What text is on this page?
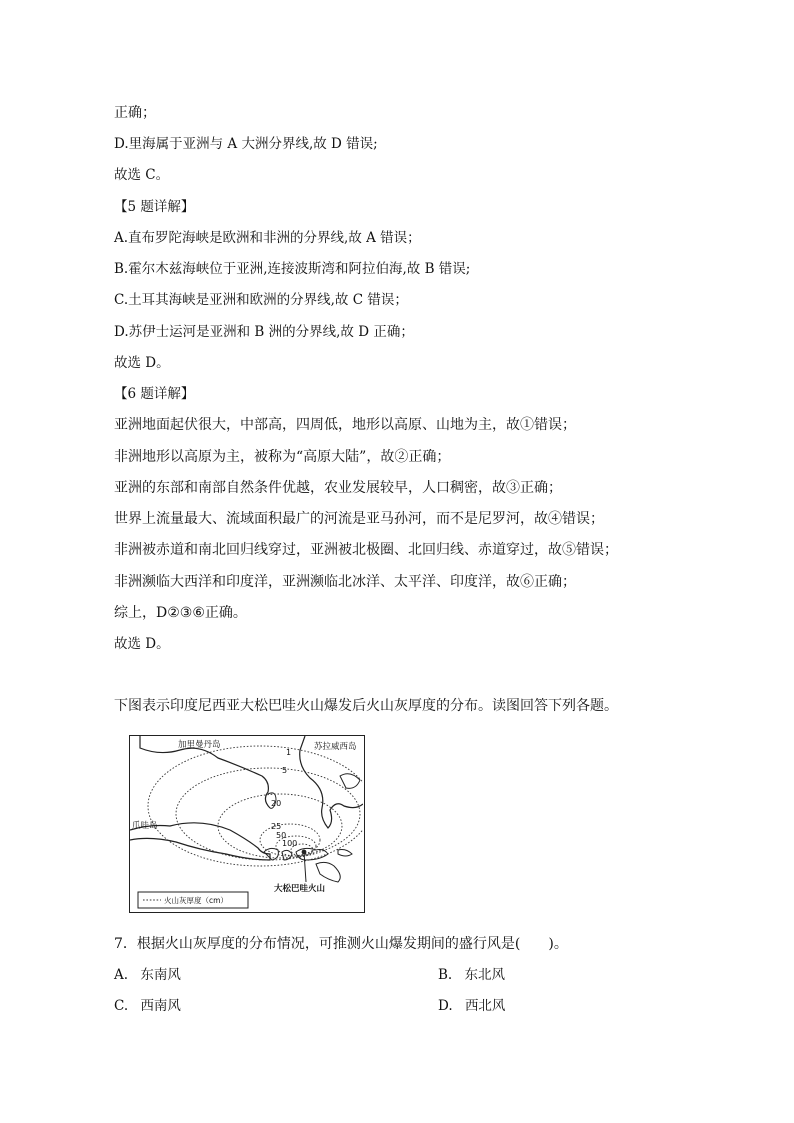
正确；
D.里海属于亚洲与 A 大洲分界线,故 D 错误;
故选 C。
【5 题详解】
A.直布罗陀海峡是欧洲和非洲的分界线,故 A 错误；
B.霍尔木兹海峡位于亚洲,连接波斯湾和阿拉伯海,故 B 错误;
C.土耳其海峡是亚洲和欧洲的分界线,故 C 错误；
D.苏伊士运河是亚洲和 B 洲的分界线,故 D 正确；
故选 D。
【6 题详解】
亚洲地面起伏很大，中部高，四周低，地形以高原、山地为主，故①错误；
非洲地形以高原为主，被称为“高原大陆”，故②正确；
亚洲的东部和南部自然条件优越，农业发展较早，人口稠密，故③正确；
世界上流量最大、流域面积最广的河流是亚马孙河，而不是尼罗河，故④错误；
非洲被赤道和南北回归线穿过，亚洲被北极圈、北回归线、赤道穿过，故⑤错误；
非洲濒临大西洋和印度洋，亚洲濒临北冰洋、太平洋、印度洋，故⑥正确；
综上，D②③⑥正确。
故选 D。
下图表示印度尼西亚大松巴哇火山爆发后火山灰厚度的分布。读图回答下列各题。
1
5
20
25
50
100
加里曼丹岛	苏拉威西岛
爪哇岛
大松巴哇火山
火山灰厚度（cm）
7．根据火山灰厚度的分布情况，可推测火山爆发期间的盛行风是(　　)。
A. 东南风	B. 东北风
C. 西南风	D. 西北风
